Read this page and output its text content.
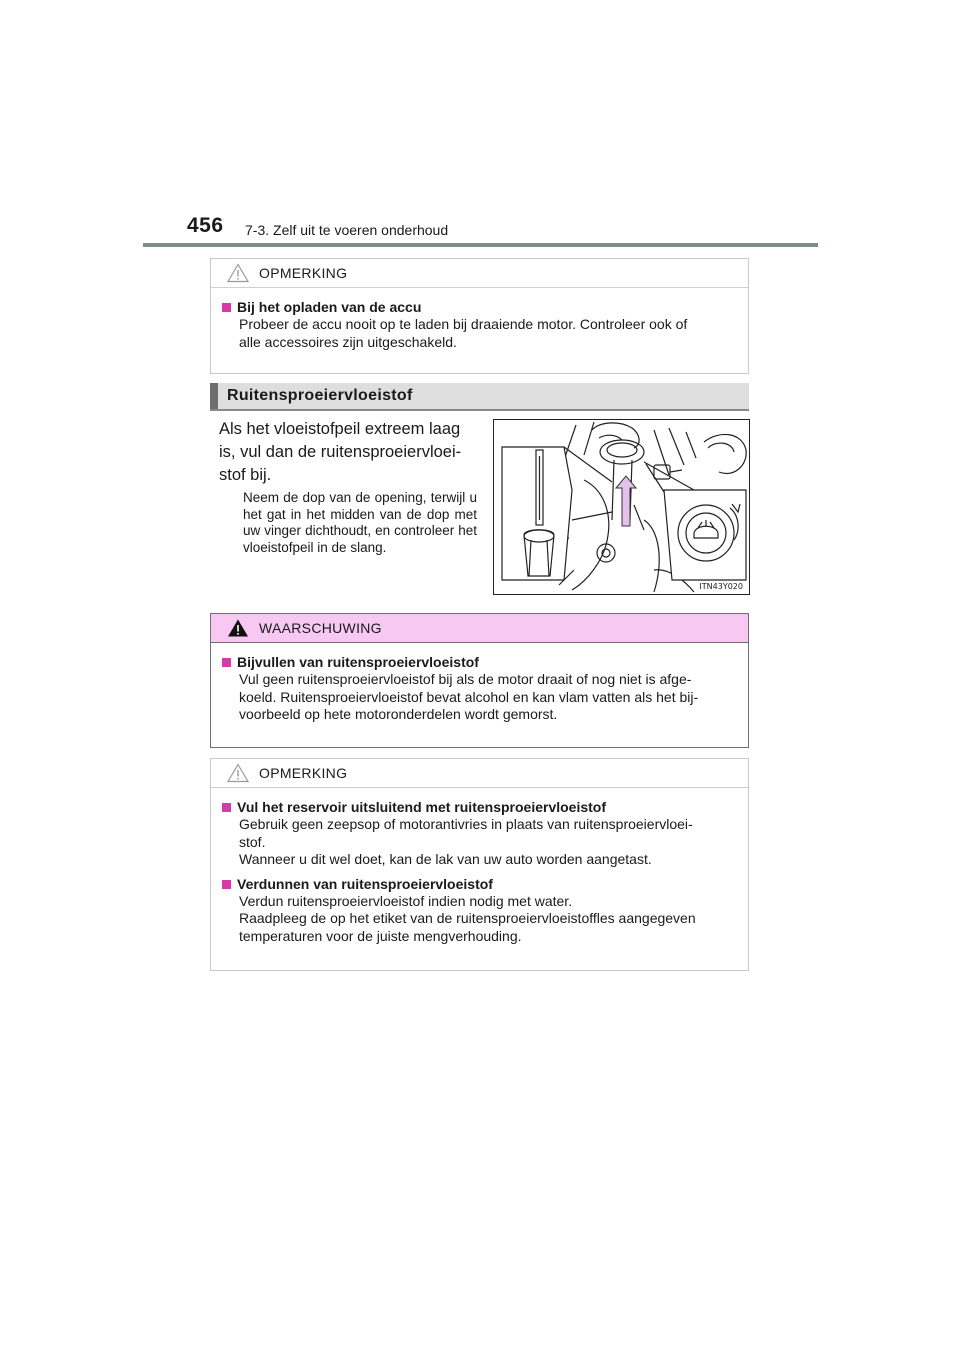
456 7-3. Zelf uit te voeren onderhoud
OPMERKING
Bij het opladen van de accu
Probeer de accu nooit op te laden bij draaiende motor. Controleer ook of
alle accessoires zijn uitgeschakeld.
Ruitensproeiervloeistof
Als het vloeistofpeil extreem laag
is, vul dan de ruitensproeiervloei-
stof bij.
Neem de dop van de opening, terwijl u het gat in het midden van de dop met uw vinger dichthoudt, en controleer het vloeistofpeil in de slang.
ITN43Y020
WAARSCHUWING
Bijvullen van ruitensproeiervloeistof
Vul geen ruitensproeiervloeistof bij als de motor draait of nog niet is afge-
koeld. Ruitensproeiervloeistof bevat alcohol en kan vlam vatten als het bij-
voorbeeld op hete motoronderdelen wordt gemorst.
OPMERKING
Vul het reservoir uitsluitend met ruitensproeiervloeistof
Gebruik geen zeepsop of motorantivries in plaats van ruitensproeiervloei-
stof.
Wanneer u dit wel doet, kan de lak van uw auto worden aangetast.
Verdunnen van ruitensproeiervloeistof
Verdun ruitensproeiervloeistof indien nodig met water.
Raadpleeg de op het etiket van de ruitensproeiervloeistoffles aangegeven
temperaturen voor de juiste mengverhouding.
